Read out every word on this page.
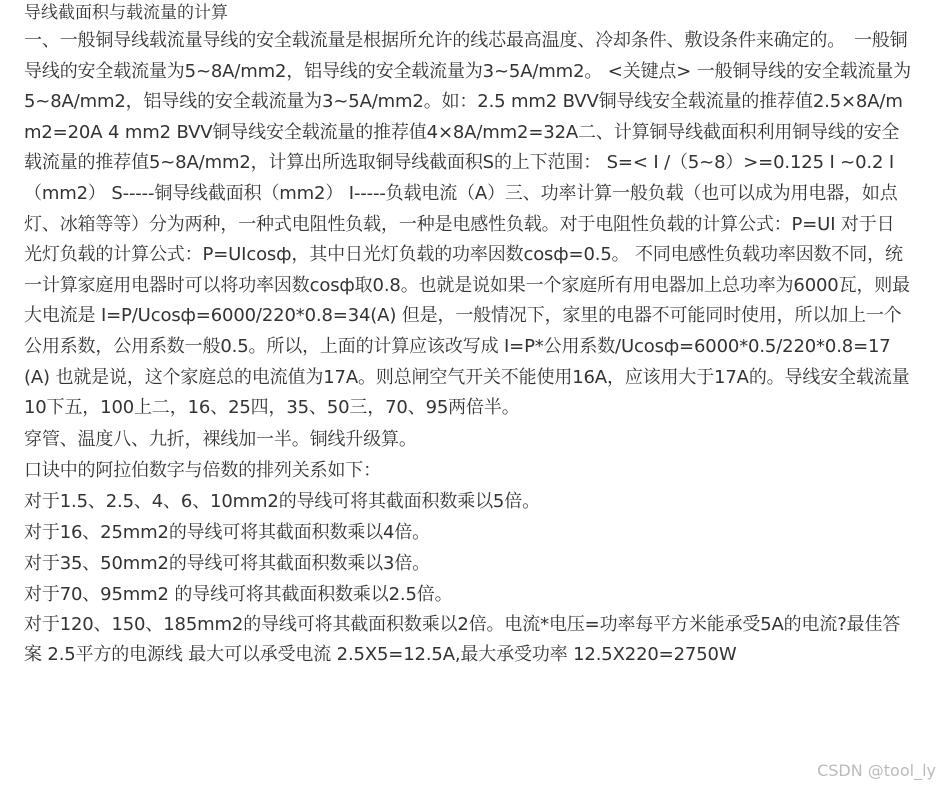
导线截面积与载流量的计算

一、一般铜导线载流量导线的安全载流量是根据所允许的线芯最高温度、冷却条件、敷设条件来确定的。　一般铜导线的安全载流量为5~8A/mm2，铝导线的安全载流量为3~5A/mm2。 <关键点> 一般铜导线的安全载流量为5~8A/mm2，铝导线的安全载流量为3~5A/mm2。如：2.5 mm2 BVV铜导线安全载流量的推荐值2.5×8A/mm2=20A 4 mm2 BVV铜导线安全载流量的推荐值4×8A/mm2=32A二、计算铜导线截面积利用铜导线的安全载流量的推荐值5~8A/mm2，计算出所选取铜导线截面积S的上下范围： S=< I /（5~8）>=0.125 I ~0.2 I（mm2） S-----铜导线截面积（mm2） I-----负载电流（A）三、功率计算一般负载（也可以成为用电器，如点灯、冰箱等等）分为两种，一种式电阻性负载，一种是电感性负载。对于电阻性负载的计算公式：P=UI 对于日光灯负载的计算公式：P=UIcosф，其中日光灯负载的功率因数cosф=0.5。 不同电感性负载功率因数不同，统一计算家庭用电器时可以将功率因数cosф取0.8。也就是说如果一个家庭所有用电器加上总功率为6000瓦，则最大电流是 I=P/Ucosф=6000/220*0.8=34(A) 但是，一般情况下，家里的电器不可能同时使用，所以加上一个公用系数，公用系数一般0.5。所以，上面的计算应该改写成 I=P*公用系数/Ucosф=6000*0.5/220*0.8=17(A) 也就是说，这个家庭总的电流值为17A。则总闸空气开关不能使用16A，应该用大于17A的。导线安全载流量10下五，100上二，16、25四，35、50三，70、95两倍半。

穿管、温度八、九折，裸线加一半。铜线升级算。

口诀中的阿拉伯数字与倍数的排列关系如下：

对于1.5、2.5、4、6、10mm2的导线可将其截面积数乘以5倍。

对于16、25mm2的导线可将其截面积数乘以4倍。

对于35、50mm2的导线可将其截面积数乘以3倍。

对于70、95mm2 的导线可将其截面积数乘以2.5倍。

对于120、150、185mm2的导线可将其截面积数乘以2倍。电流*电压=功率每平方米能承受5A的电流?最佳答案 2.5平方的电源线 最大可以承受电流 2.5X5=12.5A,最大承受功率 12.5X220=2750W

CSDN @tool_ly
